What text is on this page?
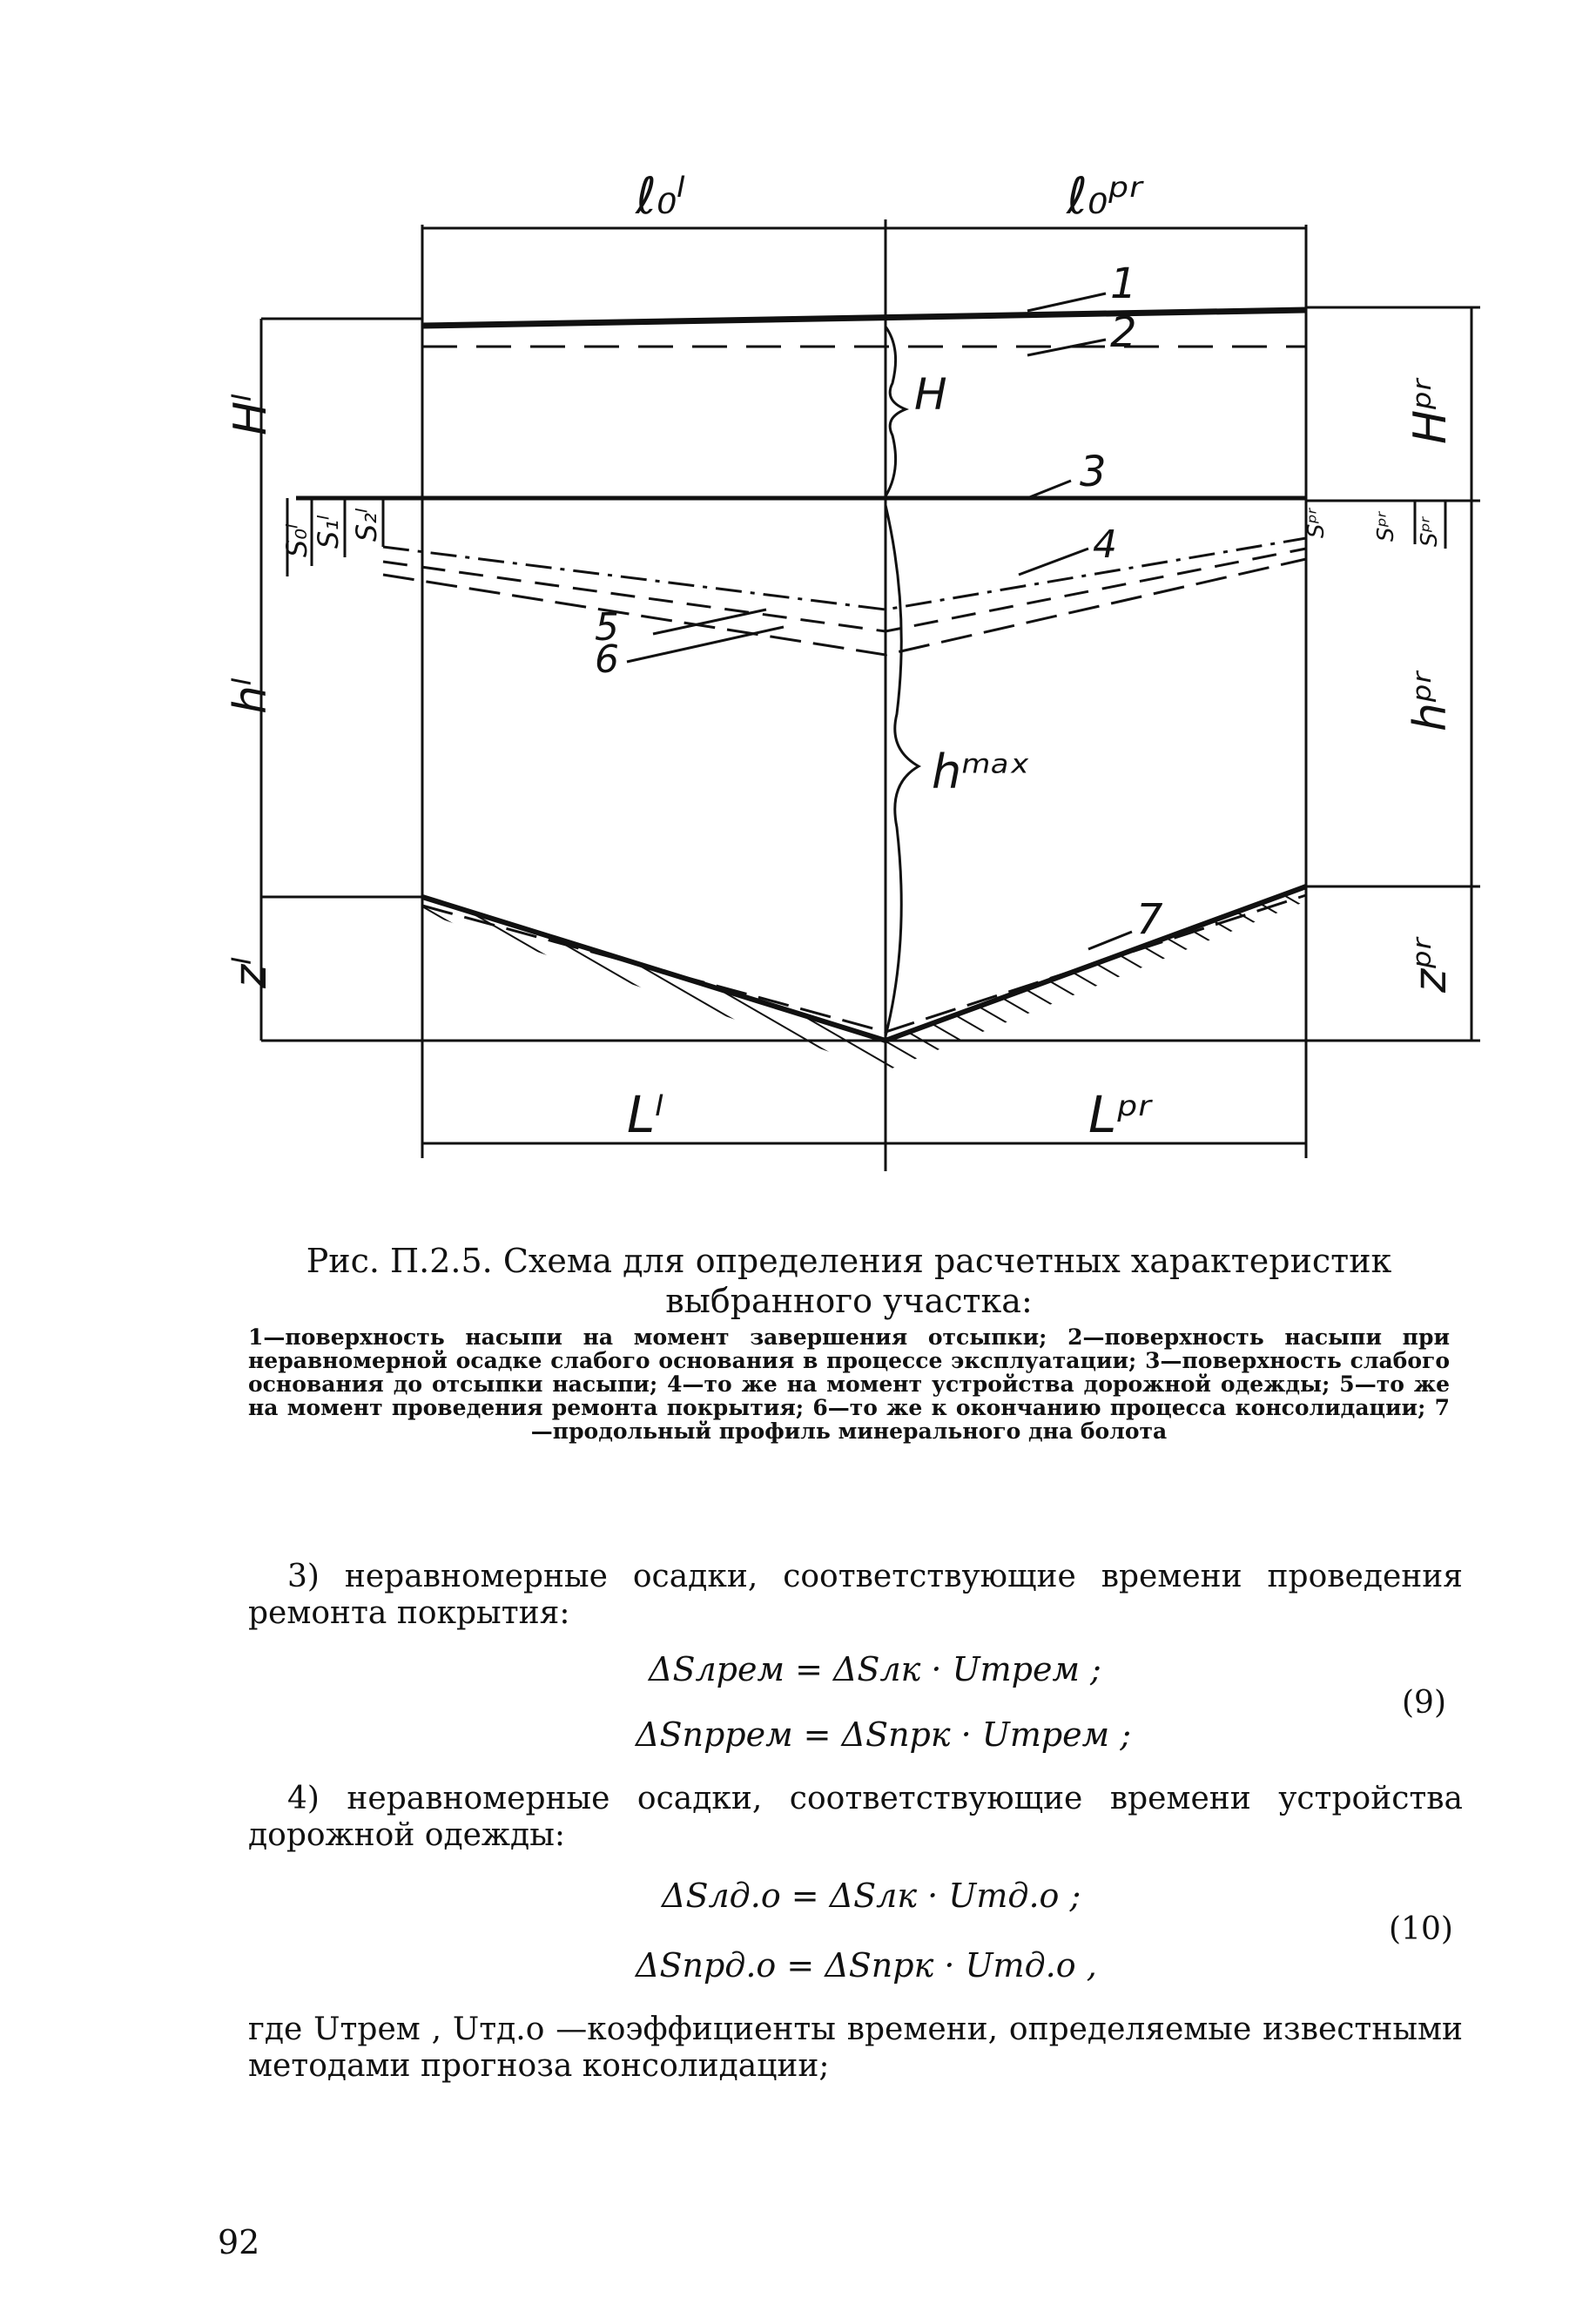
ℓ₀ˡ	ℓ₀ᵖʳ
Hˡ
hˡ
zˡ
Hᵖʳ
hᵖʳ
zᵖʳ
S₀ˡ
S₁ˡ S₂ˡ	Sᵖʳ Sᵖʳ Sᵖʳ
H
hᵐᵃˣ
1
2
3
4
5
6
7
Lˡ	Lᵖʳ
Рис. П.2.5. Схема для определения расчетных характеристик выбранного участка:
1—поверхность насыпи на момент завершения отсыпки; 2—поверхность насыпи при неравномерной осадке слабого основания в процессе эксплуатации; 3—поверхность слабого основания до отсыпки насыпи; 4—то же на момент устройства дорожной одежды; 5—то же на момент проведения ремонта покрытия; 6—то же к окончанию процесса консолидации; 7—продольный профиль минерального дна болота
3) неравномерные осадки, соответствующие времени проведения ремонта покрытия:
ΔSлрем = ΔSлк · Uтрем ;
ΔSпррем = ΔSпрк · Uтрем ;
(9)
4) неравномерные осадки, соответствующие времени устройства дорожной одежды:
ΔSлд.о = ΔSлк · Uтд.о ;
ΔSпрд.о = ΔSпрк · Uтд.о ,
(10)
где Uтрем , Uтд.о —коэффициенты времени, определяемые известными методами прогноза консолидации;
92
